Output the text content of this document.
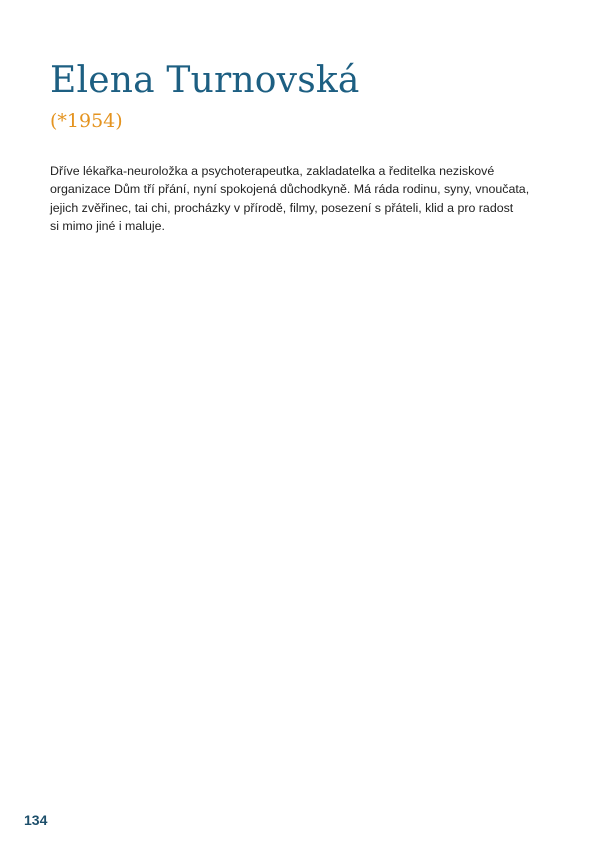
Elena Turnovská
(*1954)

Dříve lékařka-neuroložka a psychoterapeutka, zakladatelka a ředitelka neziskové
organizace Dům tří přání, nyní spokojená důchodkyně. Má ráda rodinu, syny, vnoučata,
jejich zvěřinec, tai chi, procházky v přírodě, filmy, posezení s přáteli, klid a pro radost
si mimo jiné i maluje.

134
